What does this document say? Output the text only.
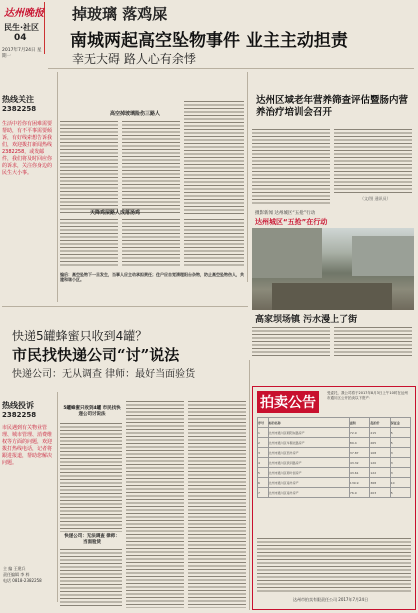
达州晚报
民生·社区
04
2017年7月24日 星期一
掉玻璃 落鸡屎
南城两起高空坠物事件 业主主动担责
幸无大碍 路人心有余悸
热线关注
2382258
生活中若你有困难需要帮助，有不平事需要倾诉，有好线索想告诉我们，欢迎拨打新闻热线2382258，或发邮件，我们将及时回应你的诉求，关注你身边的民生大小事。
高空掉玻璃险伤三路人
天降鸡屎路人成落汤鸡
编后：高空坠物下一旦发生，当事人应主动承担责任；住户应自觉清理阳台杂物，防止高空坠物伤人，共建和谐小区。
达州区域老年营养筛查评估暨肠内营养治疗培训会召开
（文/图 通讯员）
摄影新闻 达州城区“五抢”行动
达州城区“五抢”在行动
高家坝场镇 污水漫上了街
快递5罐蜂蜜只收到4罐？
市民找快递公司“讨”说法
快递公司：无从调查 律师：最好当面验货
热线投诉
2382258
市民遇到有关物业管理、城市管理、消费维权等方面的问题，欢迎拨打热线电话，记者将跟进报道，帮助您解决问题。
主 编 王建兵
责任编辑 李 梓
电话 0818-2382258
5罐蜂蜜只收到4罐 市民找快递公司讨说法
快递公司：无法调查 律师：当面验货
拍卖公告
受委托，我公司将于2017年8月3日上午10时在达州市通川区公开拍卖以下资产：
序号	标的名称	面积	起拍价	保证金
1	达州市通川区朝阳东路房产	72.9	215	5
2	达州市通川区华蜀北路房产	89.4	265	5
3	达州市通川区西外房产	37.87	108	3
4	达州市通川区滨河路房产	43.32	120	3
5	达州市通川区荷叶街房产	43.61	122	3
6	达州市通川区南外房产	139.9	368	10
7	达州市通川区南外房产	76.9	203	5
达州市拍卖有限责任公司 2017年7月24日
